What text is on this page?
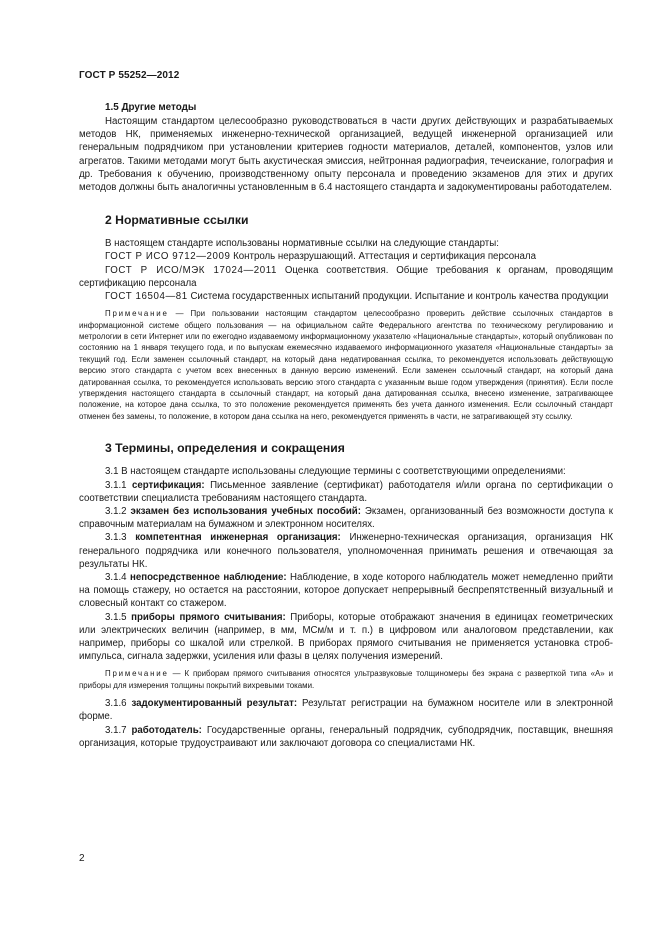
ГОСТ Р 55252—2012

1.5 Другие методы

Настоящим стандартом целесообразно руководствоваться в части других действующих и разрабатываемых методов НК, применяемых инженерно-технической организацией, ведущей инженерной организацией или генеральным подрядчиком при установлении критериев годности материалов, деталей, компонентов, узлов или агрегатов. Такими методами могут быть акустическая эмиссия, нейтронная радиография, течеискание, голография и др. Требования к обучению, производственному опыту персонала и проведению экзаменов для этих и других методов должны быть аналогичны установленным в 6.4 настоящего стандарта и задокументированы работодателем.

2 Нормативные ссылки

В настоящем стандарте использованы нормативные ссылки на следующие стандарты:

ГОСТ Р ИСО 9712—2009 Контроль неразрушающий. Аттестация и сертификация персонала

ГОСТ Р ИСО/МЭК 17024—2011 Оценка соответствия. Общие требования к органам, проводящим сертификацию персонала

ГОСТ 16504—81 Система государственных испытаний продукции. Испытание и контроль качества продукции

Примечание — При пользовании настоящим стандартом целесообразно проверить действие ссылочных стандартов в информационной системе общего пользования — на официальном сайте Федерального агентства по техническому регулированию и метрологии в сети Интернет или по ежегодно издаваемому информационному указателю «Национальные стандарты», который опубликован по состоянию на 1 января текущего года, и по выпускам ежемесячно издаваемого информационного указателя «Национальные стандарты» за текущий год. Если заменен ссылочный стандарт, на который дана недатированная ссылка, то рекомендуется использовать действующую версию этого стандарта с учетом всех внесенных в данную версию изменений. Если заменен ссылочный стандарт, на который дана датированная ссылка, то рекомендуется использовать версию этого стандарта с указанным выше годом утверждения (принятия). Если после утверждения настоящего стандарта в ссылочный стандарт, на который дана датированная ссылка, внесено изменение, затрагивающее положение, на которое дана ссылка, то это положение рекомендуется применять без учета данного изменения. Если ссылочный стандарт отменен без замены, то положение, в котором дана ссылка на него, рекомендуется применять в части, не затрагивающей эту ссылку.

3 Термины, определения и сокращения

3.1 В настоящем стандарте использованы следующие термины с соответствующими определениями:

3.1.1 сертификация: Письменное заявление (сертификат) работодателя и/или органа по сертификации о соответствии специалиста требованиям настоящего стандарта.

3.1.2 экзамен без использования учебных пособий: Экзамен, организованный без возможности доступа к справочным материалам на бумажном и электронном носителях.

3.1.3 компетентная инженерная организация: Инженерно-техническая организация, организация НК генерального подрядчика или конечного пользователя, уполномоченная принимать решения и отвечающая за результаты НК.

3.1.4 непосредственное наблюдение: Наблюдение, в ходе которого наблюдатель может немедленно прийти на помощь стажеру, но остается на расстоянии, которое допускает непрерывный беспрепятственный визуальный и словесный контакт со стажером.

3.1.5 приборы прямого считывания: Приборы, которые отображают значения в единицах геометрических или электрических величин (например, в мм, МСм/м и т. п.) в цифровом или аналоговом представлении, как например, приборы со шкалой или стрелкой. В приборах прямого считывания не применяется установка строб-импульса, сигнала задержки, усиления или фазы в целях получения измерений.

Примечание — К приборам прямого считывания относятся ультразвуковые толщиномеры без экрана с разверткой типа «А» и приборы для измерения толщины покрытий вихревыми токами.

3.1.6 задокументированный результат: Результат регистрации на бумажном носителе или в электронной форме.

3.1.7 работодатель: Государственные органы, генеральный подрядчик, субподрядчик, поставщик, внешняя организация, которые трудоустраивают или заключают договора со специалистами НК.

2
